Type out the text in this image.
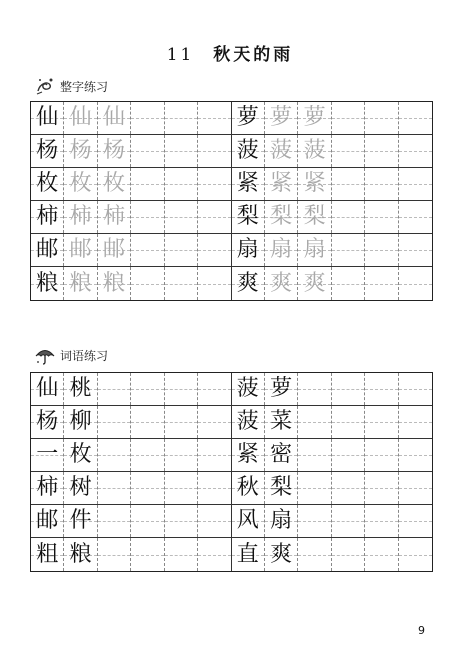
11 秋天的雨
整字练习
仙 仙 仙	萝 萝 萝
杨 杨 杨	菠 菠 菠
枚 枚 枚	紧 紧 紧
柿 柿 柿	梨 梨 梨
邮 邮 邮	扇 扇 扇
粮 粮 粮	爽 爽 爽
词语练习
仙 桃	菠 萝
杨 柳	菠 菜
一 枚	紧 密
柿 树	秋 梨
邮 件	风 扇
粗 粮	直 爽
9
